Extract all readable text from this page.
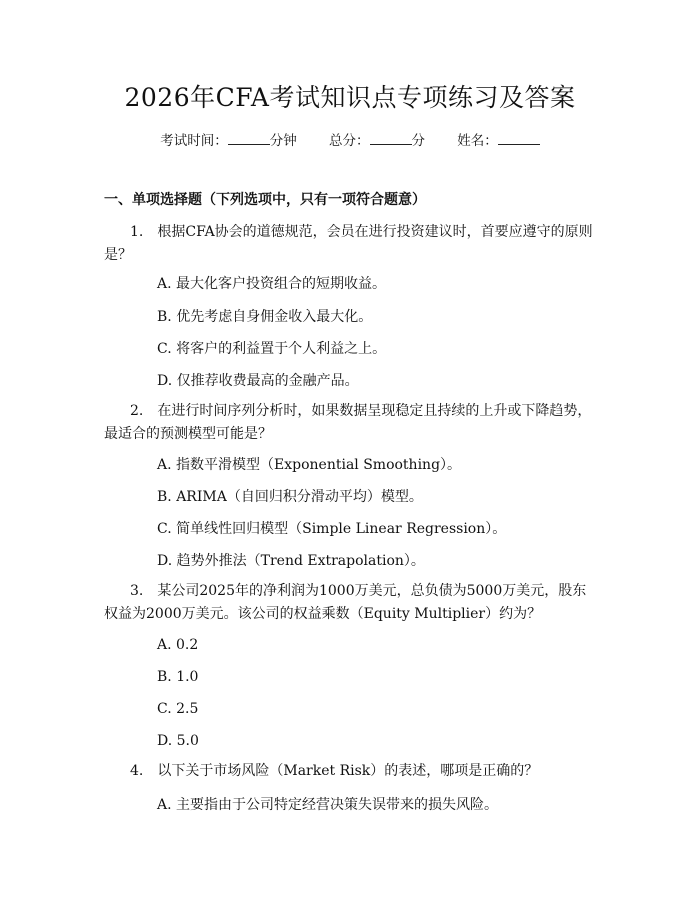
2026年CFA考试知识点专项练习及答案
考试时间：	分钟 总分：	分 姓名：
一、单项选择题（下列选项中，只有一项符合题意）
1.　根据CFA协会的道德规范，会员在进行投资建议时，首要应遵守的原则是？
A. 最大化客户投资组合的短期收益。
B. 优先考虑自身佣金收入最大化。
C. 将客户的利益置于个人利益之上。
D. 仅推荐收费最高的金融产品。
2.　在进行时间序列分析时，如果数据呈现稳定且持续的上升或下降趋势，最适合的预测模型可能是？
A. 指数平滑模型（Exponential Smoothing）。
B. ARIMA（自回归积分滑动平均）模型。
C. 简单线性回归模型（Simple Linear Regression）。
D. 趋势外推法（Trend Extrapolation）。
3.　某公司2025年的净利润为1000万美元，总负债为5000万美元，股东权益为2000万美元。该公司的权益乘数（Equity Multiplier）约为？
A. 0.2
B. 1.0
C. 2.5
D. 5.0
4.　以下关于市场风险（Market Risk）的表述，哪项是正确的？
A. 主要指由于公司特定经营决策失误带来的损失风险。
